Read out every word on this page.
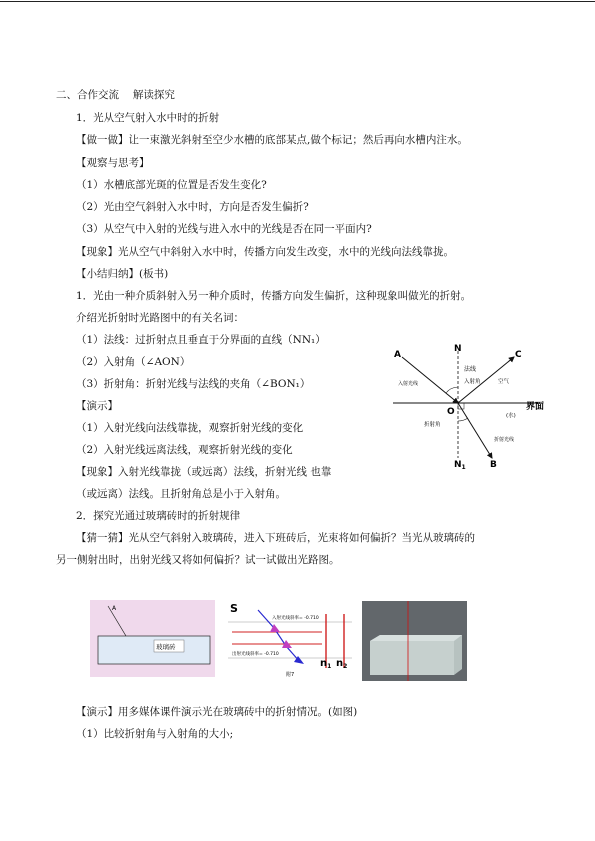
二、合作交流　 解读探究
1．光从空气射入水中时的折射
【做一做】让一束激光斜射至空少水槽的底部某点,做个标记；然后再向水槽内注水。
【观察与思考】
（1）水槽底部光斑的位置是否发生变化?
（2）光由空气斜射入水中时，方向是否发生偏折?
（3）从空气中入射的光线与进入水中的光线是否在同一平面内?
【现象】光从空气中斜射入水中时，传播方向发生改变，水中的光线向法线靠拢。
【小结归纳】(板书)
1．光由一种介质斜射入另一种介质时，传播方向发生偏折，这种现象叫做光的折射。
介绍光折射时光路图中的有关名词：
（1）法线：过折射点且垂直于分界面的直线（NN₁）
（2）入射角（∠AON）
（3）折射角：折射光线与法线的夹角（∠BON₁）
【演示】
（1）入射光线向法线靠拢，观察折射光线的变化
（2）入射光线远离法线，观察折射光线的变化
【现象】入射光线靠拢（或远离）法线，折射光线 也靠
（或远离）法线。且折射角总是小于入射角。
2．探究光通过玻璃砖时的折射规律
【猜一猜】光从空气斜射入玻璃砖，进入下班砖后，光束将如何偏折？当光从玻璃砖的
另一侧射出时，出射光线又将如何偏折？试一试做出光路图。
【演示】用多媒体课件演示光在玻璃砖中的折射情况。(如图)
（1）比较折射角与入射角的大小;
A
N
C
O
$N_1$	B
界面
法线
入射光线	入射角	空气
折射角
(水)
折射光线
A
玻璃砖
S
入射光线斜率= -0.710
出射光线斜率= -0.710
$n_1$ $n_2$
附7
